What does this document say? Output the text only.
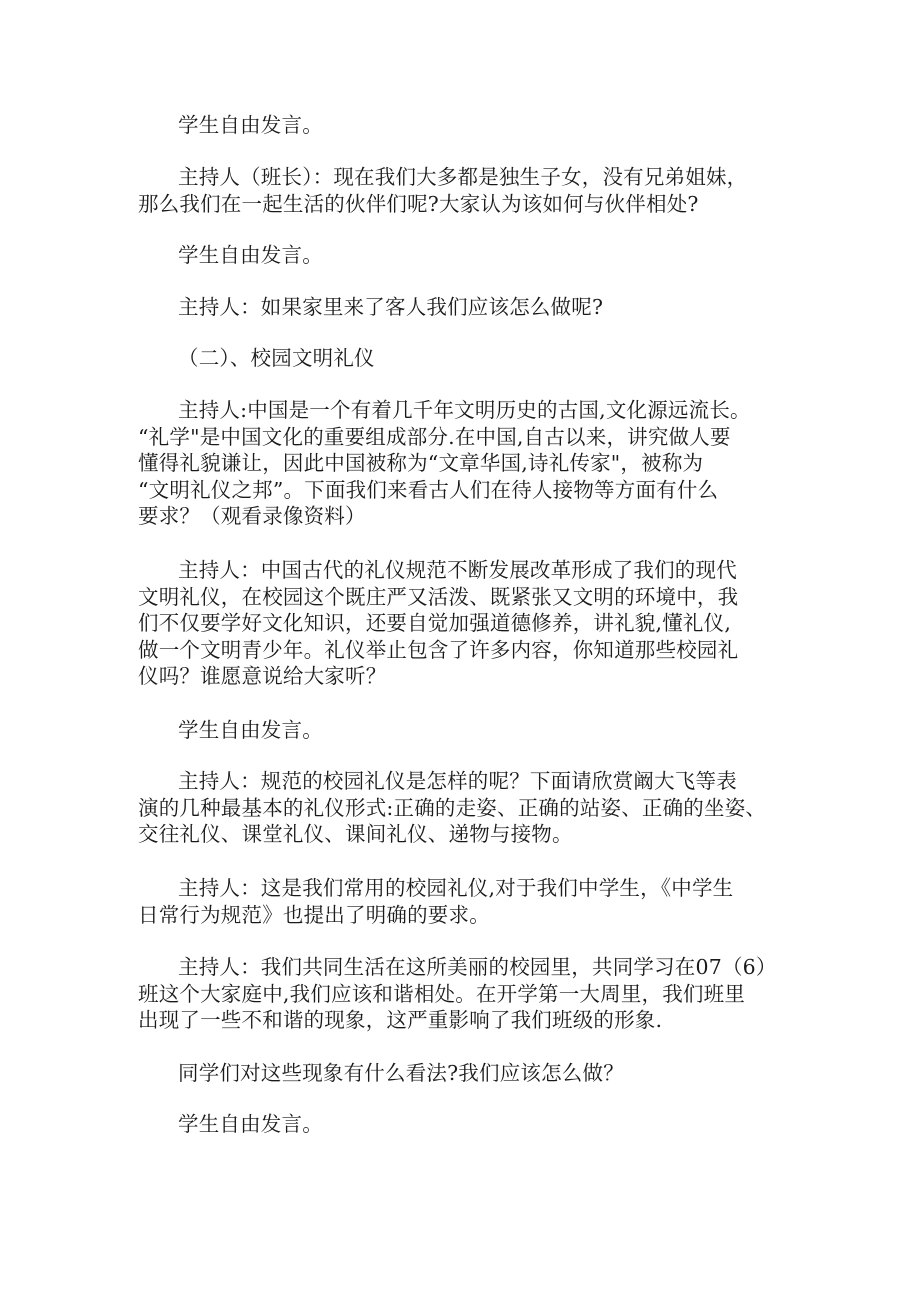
学生自由发言。

主持人（班长）：现在我们大多都是独生子女，没有兄弟姐妹，
那么我们在一起生活的伙伴们呢?大家认为该如何与伙伴相处?

学生自由发言。

主持人：如果家里来了客人我们应该怎么做呢?

（二）、校园文明礼仪

主持人:中国是一个有着几千年文明历史的古国,文化源远流长。
“礼学"是中国文化的重要组成部分.在中国,自古以来，讲究做人要
懂得礼貌谦让，因此中国被称为“文章华国,诗礼传家"，被称为
“文明礼仪之邦”。下面我们来看古人们在待人接物等方面有什么
要求？（观看录像资料）

主持人：中国古代的礼仪规范不断发展改革形成了我们的现代
文明礼仪，在校园这个既庄严又活泼、既紧张又文明的环境中，我
们不仅要学好文化知识，还要自觉加强道德修养，讲礼貌,懂礼仪,
做一个文明青少年。礼仪举止包含了许多内容，你知道那些校园礼
仪吗？谁愿意说给大家听？

学生自由发言。

主持人：规范的校园礼仪是怎样的呢？下面请欣赏阚大飞等表
演的几种最基本的礼仪形式:正确的走姿、正确的站姿、正确的坐姿、
交往礼仪、课堂礼仪、课间礼仪、递物与接物。

主持人：这是我们常用的校园礼仪,对于我们中学生，《中学生
日常行为规范》也提出了明确的要求。

主持人：我们共同生活在这所美丽的校园里，共同学习在07（6）
班这个大家庭中,我们应该和谐相处。在开学第一大周里，我们班里
出现了一些不和谐的现象，这严重影响了我们班级的形象.

同学们对这些现象有什么看法?我们应该怎么做？

学生自由发言。
